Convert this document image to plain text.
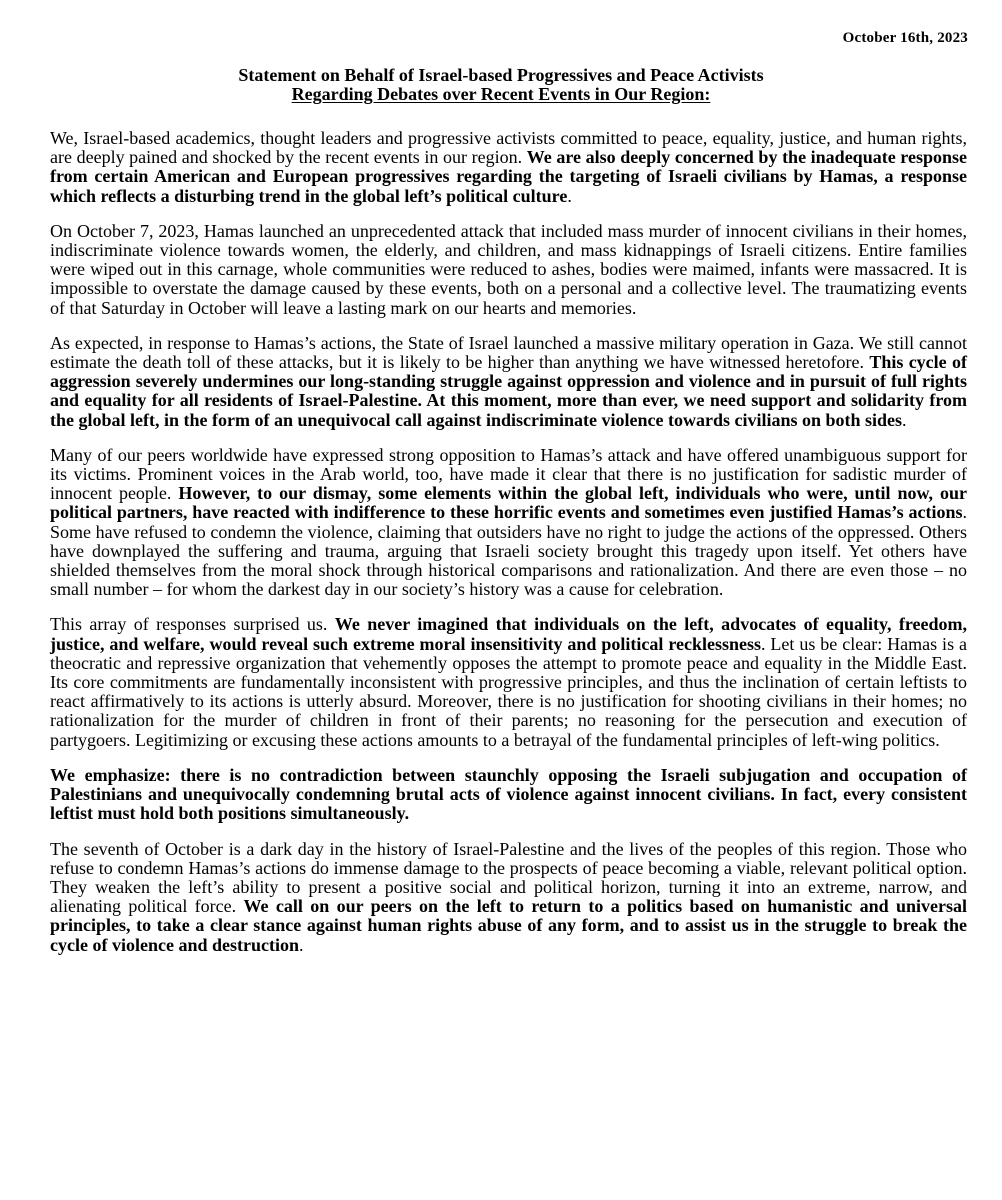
October 16th, 2023
Statement on Behalf of Israel-based Progressives and Peace Activists
Regarding Debates over Recent Events in Our Region:

We, Israel-based academics, thought leaders and progressive activists committed to peace, equality, justice, and human rights, are deeply pained and shocked by the recent events in our region. We are also deeply concerned by the inadequate response from certain American and European progressives regarding the targeting of Israeli civilians by Hamas, a response which reflects a disturbing trend in the global left’s political culture.

On October 7, 2023, Hamas launched an unprecedented attack that included mass murder of innocent civilians in their homes, indiscriminate violence towards women, the elderly, and children, and mass kidnappings of Israeli citizens. Entire families were wiped out in this carnage, whole communities were reduced to ashes, bodies were maimed, infants were massacred. It is impossible to overstate the damage caused by these events, both on a personal and a collective level. The traumatizing events of that Saturday in October will leave a lasting mark on our hearts and memories.

As expected, in response to Hamas’s actions, the State of Israel launched a massive military operation in Gaza. We still cannot estimate the death toll of these attacks, but it is likely to be higher than anything we have witnessed heretofore. This cycle of aggression severely undermines our long-standing struggle against oppression and violence and in pursuit of full rights and equality for all residents of Israel-Palestine. At this moment, more than ever, we need support and solidarity from the global left, in the form of an unequivocal call against indiscriminate violence towards civilians on both sides.

Many of our peers worldwide have expressed strong opposition to Hamas’s attack and have offered unambiguous support for its victims. Prominent voices in the Arab world, too, have made it clear that there is no justification for sadistic murder of innocent people. However, to our dismay, some elements within the global left, individuals who were, until now, our political partners, have reacted with indifference to these horrific events and sometimes even justified Hamas’s actions. Some have refused to condemn the violence, claiming that outsiders have no right to judge the actions of the oppressed. Others have downplayed the suffering and trauma, arguing that Israeli society brought this tragedy upon itself. Yet others have shielded themselves from the moral shock through historical comparisons and rationalization. And there are even those – no small number – for whom the darkest day in our society’s history was a cause for celebration.

This array of responses surprised us. We never imagined that individuals on the left, advocates of equality, freedom, justice, and welfare, would reveal such extreme moral insensitivity and political recklessness. Let us be clear: Hamas is a theocratic and repressive organization that vehemently opposes the attempt to promote peace and equality in the Middle East. Its core commitments are fundamentally inconsistent with progressive principles, and thus the inclination of certain leftists to react affirmatively to its actions is utterly absurd. Moreover, there is no justification for shooting civilians in their homes; no rationalization for the murder of children in front of their parents; no reasoning for the persecution and execution of partygoers. Legitimizing or excusing these actions amounts to a betrayal of the fundamental principles of left-wing politics.

We emphasize: there is no contradiction between staunchly opposing the Israeli subjugation and occupation of Palestinians and unequivocally condemning brutal acts of violence against innocent civilians. In fact, every consistent leftist must hold both positions simultaneously.

The seventh of October is a dark day in the history of Israel-Palestine and the lives of the peoples of this region. Those who refuse to condemn Hamas’s actions do immense damage to the prospects of peace becoming a viable, relevant political option. They weaken the left’s ability to present a positive social and political horizon, turning it into an extreme, narrow, and alienating political force. We call on our peers on the left to return to a politics based on humanistic and universal principles, to take a clear stance against human rights abuse of any form, and to assist us in the struggle to break the cycle of violence and destruction.
